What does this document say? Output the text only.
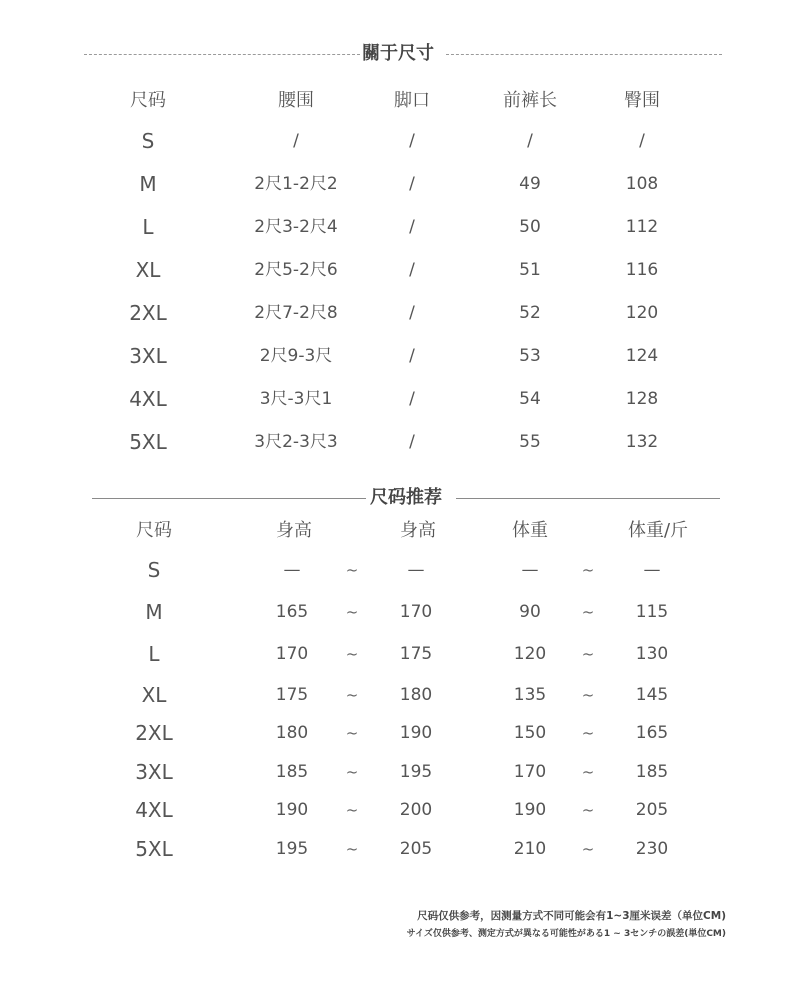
關于尺寸
尺码	腰围	脚口	前裤长	臀围
S	/	/	/	/
M	2尺1-2尺2	/	49	108
L	2尺3-2尺4	/	50	112
XL	2尺5-2尺6	/	51	116
2XL	2尺7-2尺8	/	52	120
3XL	2尺9-3尺	/	53	124
4XL	3尺-3尺1	/	54	128
5XL	3尺2-3尺3	/	55	132
尺码推荐
尺码	身高	身高	体重	体重/斤
S	—	~	—	—	~	—
M	165 ~ 170	90	~ 115
L	170 ~ 175	120 ~ 130
XL	175 ~ 180	135 ~ 145
2XL	180 ~ 190	150 ~ 165
3XL	185 ~ 195	170 ~ 185
4XL	190 ~ 200	190 ~ 205
5XL	195 ~ 205	210 ~ 230
尺码仅供参考，因测量方式不同可能会有1~3厘米误差（单位CM)
サイズ仅供参考、测定方式が異なる可能性がある1 ~ 3センチの誤差(単位CM)
